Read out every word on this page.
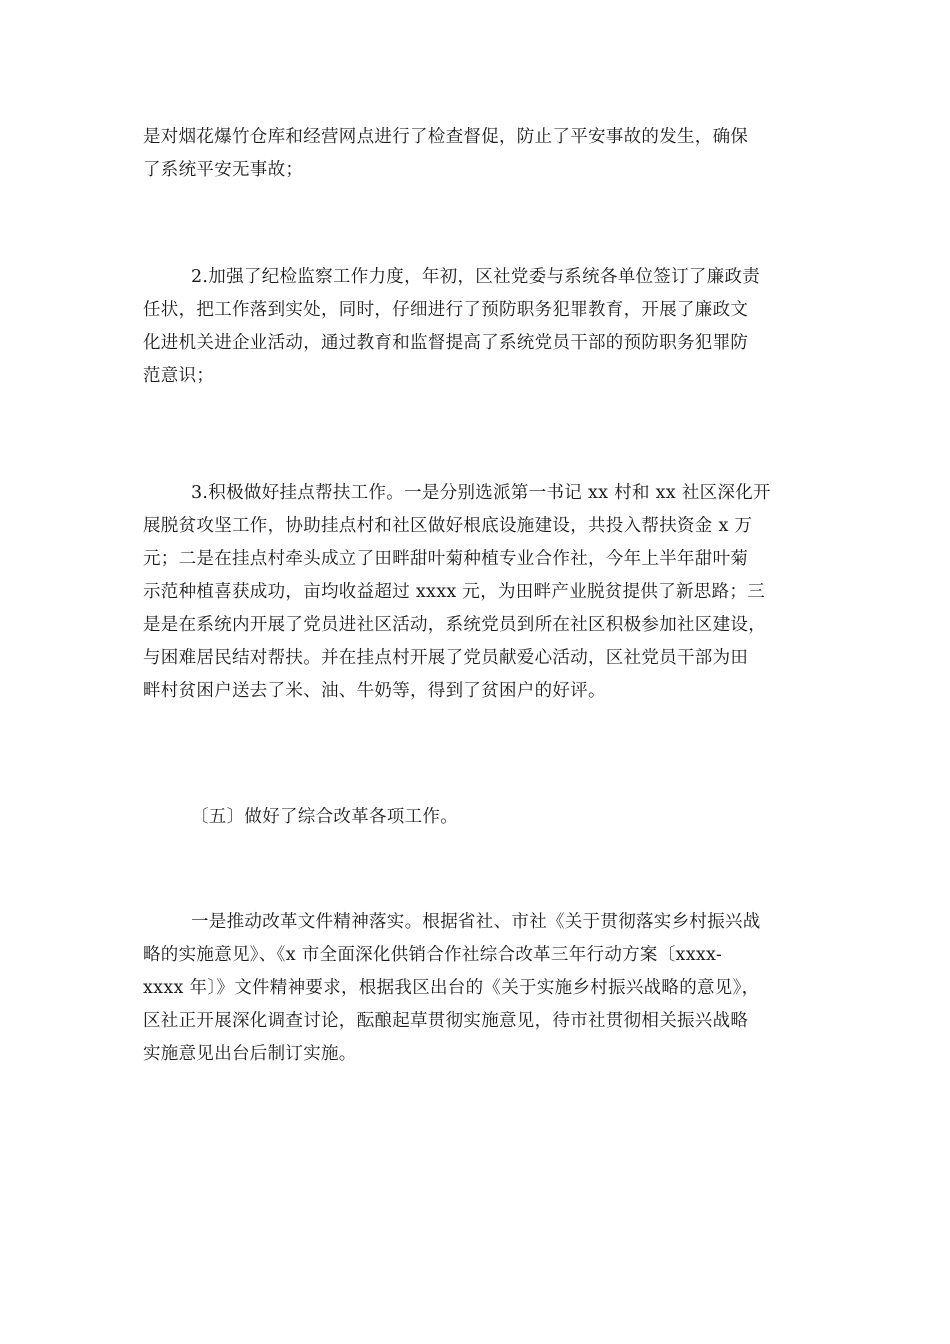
是对烟花爆竹仓库和经营网点进行了检查督促，防止了平安事故的发生，确保
了系统平安无事故；
2.加强了纪检监察工作力度，年初，区社党委与系统各单位签订了廉政责
任状，把工作落到实处，同时，仔细进行了预防职务犯罪教育，开展了廉政文
化进机关进企业活动，通过教育和监督提高了系统党员干部的预防职务犯罪防
范意识；
3.积极做好挂点帮扶工作。一是分别选派第一书记 xx 村和 xx 社区深化开
展脱贫攻坚工作，协助挂点村和社区做好根底设施建设，共投入帮扶资金 x 万
元；二是在挂点村牵头成立了田畔甜叶菊种植专业合作社，今年上半年甜叶菊
示范种植喜获成功，亩均收益超过 xxxx 元，为田畔产业脱贫提供了新思路；三
是是在系统内开展了党员进社区活动，系统党员到所在社区积极参加社区建设，
与困难居民结对帮扶。并在挂点村开展了党员献爱心活动，区社党员干部为田
畔村贫困户送去了米、油、牛奶等，得到了贫困户的好评。
〔五〕做好了综合改革各项工作。
一是推动改革文件精神落实。根据省社、市社《关于贯彻落实乡村振兴战
略的实施意见》、《x 市全面深化供销合作社综合改革三年行动方案〔xxxx-
xxxx 年〕》文件精神要求，根据我区出台的《关于实施乡村振兴战略的意见》，
区社正开展深化调查讨论，酝酿起草贯彻实施意见，待市社贯彻相关振兴战略
实施意见出台后制订实施。
